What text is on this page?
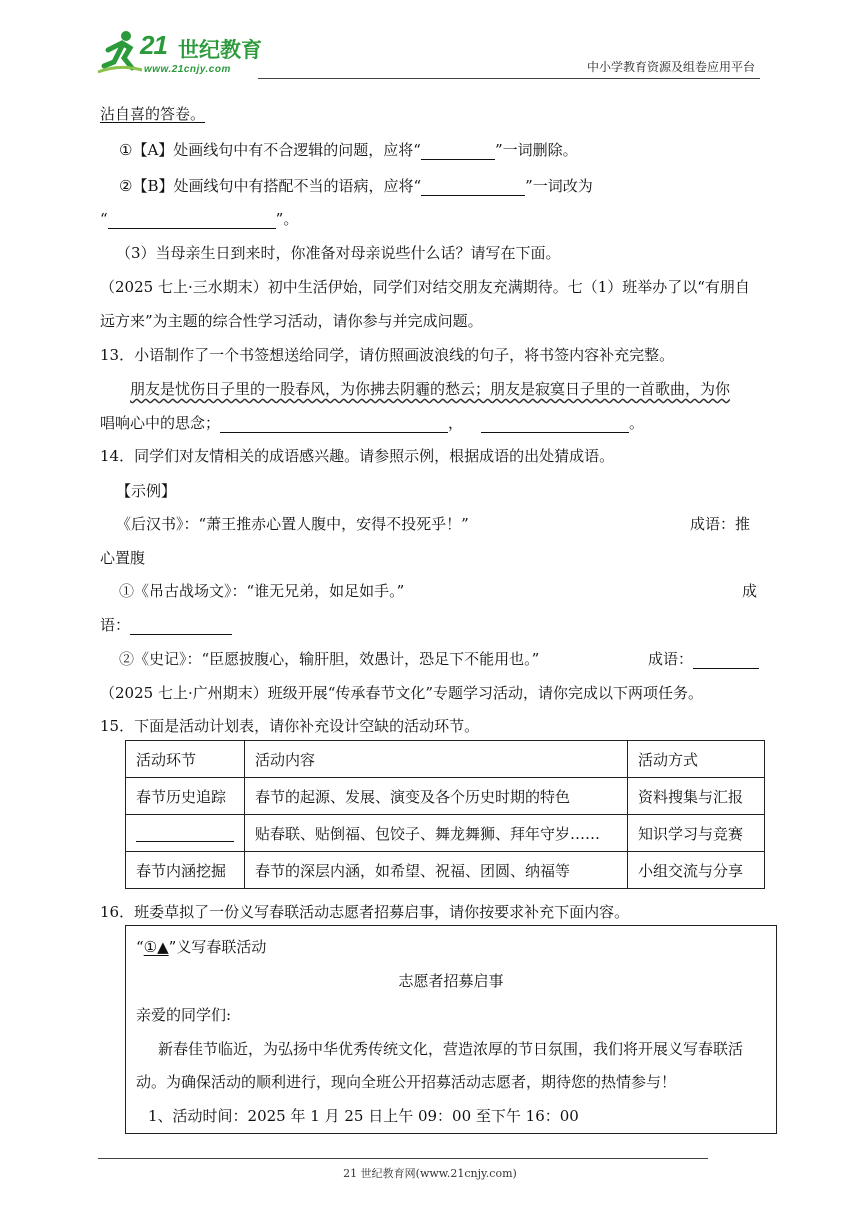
21 世纪教育
www.21cnjy.com	中小学教育资源及组卷应用平台
沾自喜的答卷。
①【A】处画线句中有不合逻辑的问题，应将“	”一词删除。
②【B】处画线句中有搭配不当的语病，应将“	”一词改为
“	”。
（3）当母亲生日到来时，你准备对母亲说些什么话？请写在下面。
（2025 七上·三水期末）初中生活伊始，同学们对结交朋友充满期待。七（1）班举办了以“有朋自
远方来”为主题的综合性学习活动，请你参与并完成问题。
13．小语制作了一个书签想送给同学，请仿照画波浪线的句子，将书签内容补充完整。
朋友是忧伤日子里的一股春风，为你拂去阴霾的愁云；朋友是寂寞日子里的一首歌曲，为你
唱响心中的思念；	，	。
14．同学们对友情相关的成语感兴趣。请参照示例，根据成语的出处猜成语。
【示例】
《后汉书》：“萧王推赤心置人腹中，安得不投死乎！”	成语：推
心置腹
①《吊古战场文》：“谁无兄弟，如足如手。”	成
语：
②《史记》：“臣愿披腹心，输肝胆，效愚计，恐足下不能用也。”	成语：
（2025 七上·广州期末）班级开展“传承春节文化”专题学习活动，请你完成以下两项任务。
15．下面是活动计划表，请你补充设计空缺的活动环节。
活动环节	活动内容	活动方式
春节历史追踪	春节的起源、发展、演变及各个历史时期的特色	资料搜集与汇报
	贴春联、贴倒福、包饺子、舞龙舞狮、拜年守岁……	知识学习与竞赛
春节内涵挖掘	春节的深层内涵，如希望、祝福、团圆、纳福等	小组交流与分享
16．班委草拟了一份义写春联活动志愿者招募启事，请你按要求补充下面内容。
“①▲”义写春联活动
志愿者招募启事
亲爱的同学们:
新春佳节临近，为弘扬中华优秀传统文化，营造浓厚的节日氛围，我们将开展义写春联活
动。为确保活动的顺利进行，现向全班公开招募活动志愿者，期待您的热情参与！
1、活动时间：2025 年 1 月 25 日上午 09：00 至下午 16：00
21 世纪教育网(www.21cnjy.com)
